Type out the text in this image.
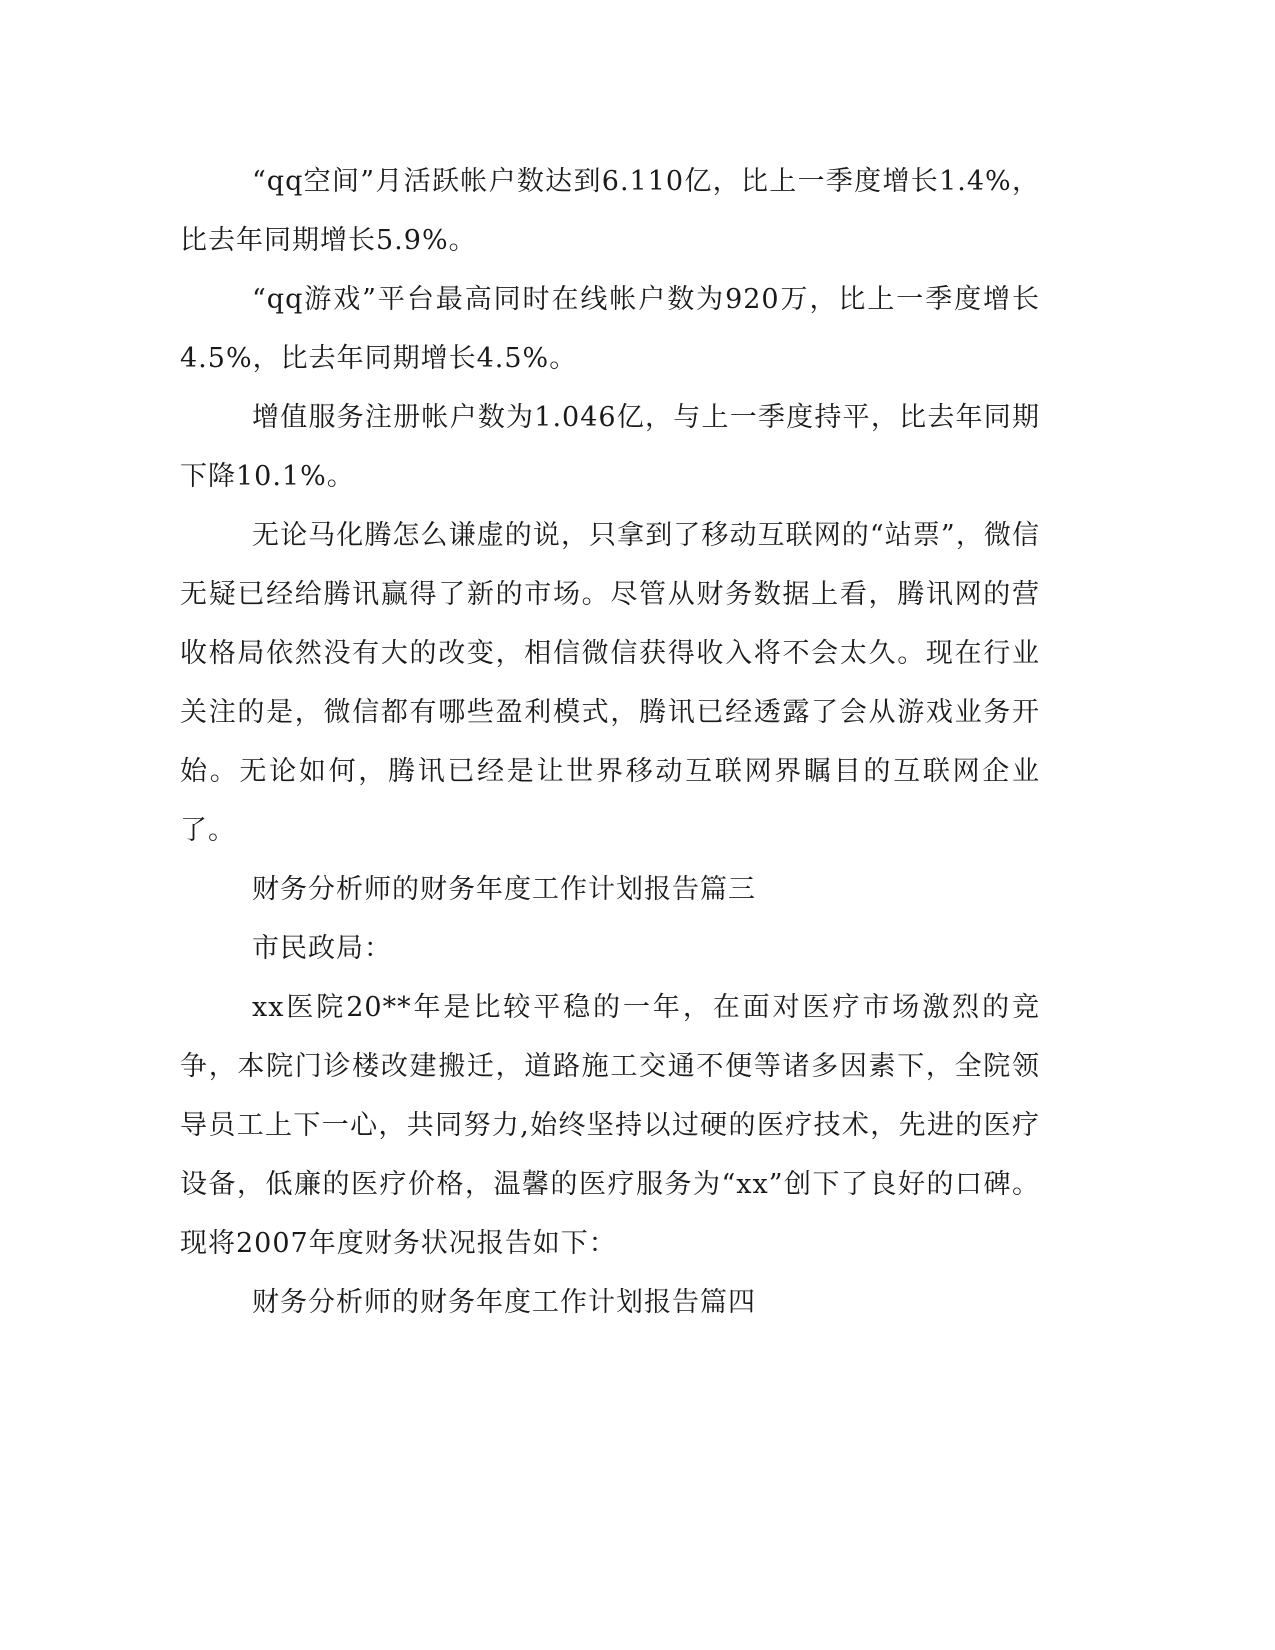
“qq空间”月活跃帐户数达到6.110亿，比上一季度增长1.4%，比去年同期增长5.9%。

“qq游戏”平台最高同时在线帐户数为920万，比上一季度增长4.5%，比去年同期增长4.5%。

增值服务注册帐户数为1.046亿，与上一季度持平，比去年同期下降10.1%。

无论马化腾怎么谦虚的说，只拿到了移动互联网的“站票”，微信无疑已经给腾讯赢得了新的市场。尽管从财务数据上看，腾讯网的营收格局依然没有大的改变，相信微信获得收入将不会太久。现在行业关注的是，微信都有哪些盈利模式，腾讯已经透露了会从游戏业务开始。无论如何，腾讯已经是让世界移动互联网界瞩目的互联网企业了。

财务分析师的财务年度工作计划报告篇三

市民政局：

xx医院20**年是比较平稳的一年，在面对医疗市场激烈的竞争，本院门诊楼改建搬迁，道路施工交通不便等诸多因素下，全院领导员工上下一心，共同努力,始终坚持以过硬的医疗技术，先进的医疗设备，低廉的医疗价格，温馨的医疗服务为“xx”创下了良好的口碑。现将2007年度财务状况报告如下：

财务分析师的财务年度工作计划报告篇四
